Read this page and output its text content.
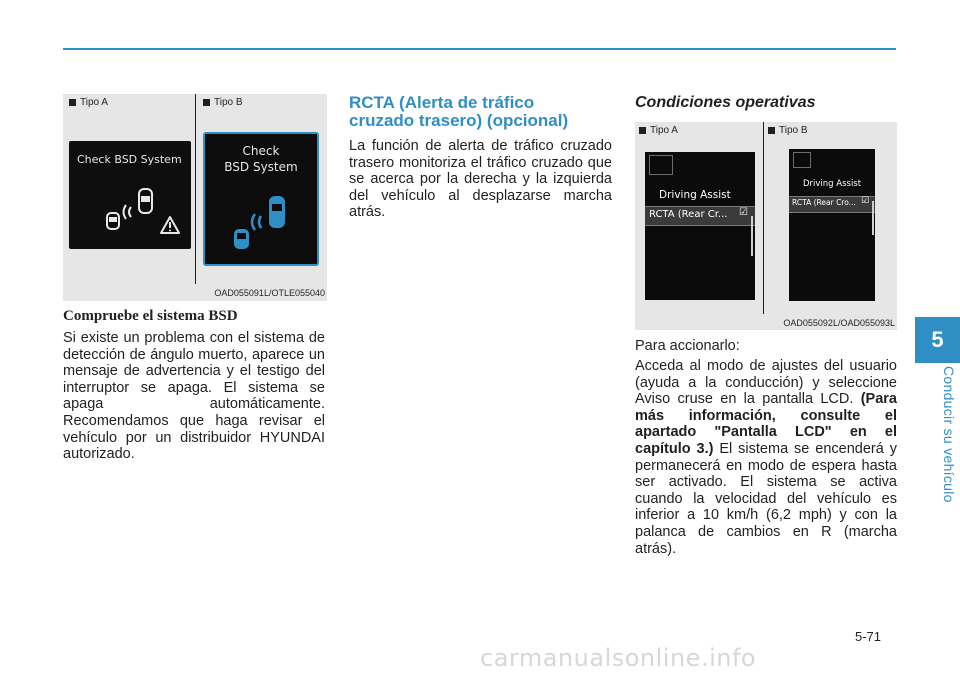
5
Conducir su vehículo
5-71
carmanualsonline.info
Tipo A	Tipo B
Check BSD System
Check
BSD System
OAD055091L/OTLE055040
Compruebe el sistema BSD
Si existe un problema con el sistema de detección de ángulo muerto, aparece un mensaje de advertencia y el testigo del interruptor se apaga. El sistema se apaga automáticamente. Recomendamos que haga revisar el vehículo por un distribuidor HYUNDAI autorizado.
RCTA (Alerta de tráfico
cruzado trasero) (opcional)
La función de alerta de tráfico cruzado trasero monitoriza el tráfico cruzado que se acerca por la derecha y la izquierda del vehículo al desplazarse marcha atrás.
Condiciones operativas
Tipo A	Tipo B
Driving Assist
RCTA (Rear Cr... ☑
Driving Assist
RCTA (Rear Cro... ☑
OAD055092L/OAD055093L
Para accionarlo:
Acceda al modo de ajustes del usuario (ayuda a la conducción) y seleccione Aviso cruse en la pantalla LCD. (Para más información, consulte el apartado "Pantalla LCD" en el capítulo 3.) El sistema se encenderá y permanecerá en modo de espera hasta ser activado. El sistema se activa cuando la velocidad del vehículo es inferior a 10 km/h (6,2 mph) y con la palanca de cambios en R (marcha atrás).
